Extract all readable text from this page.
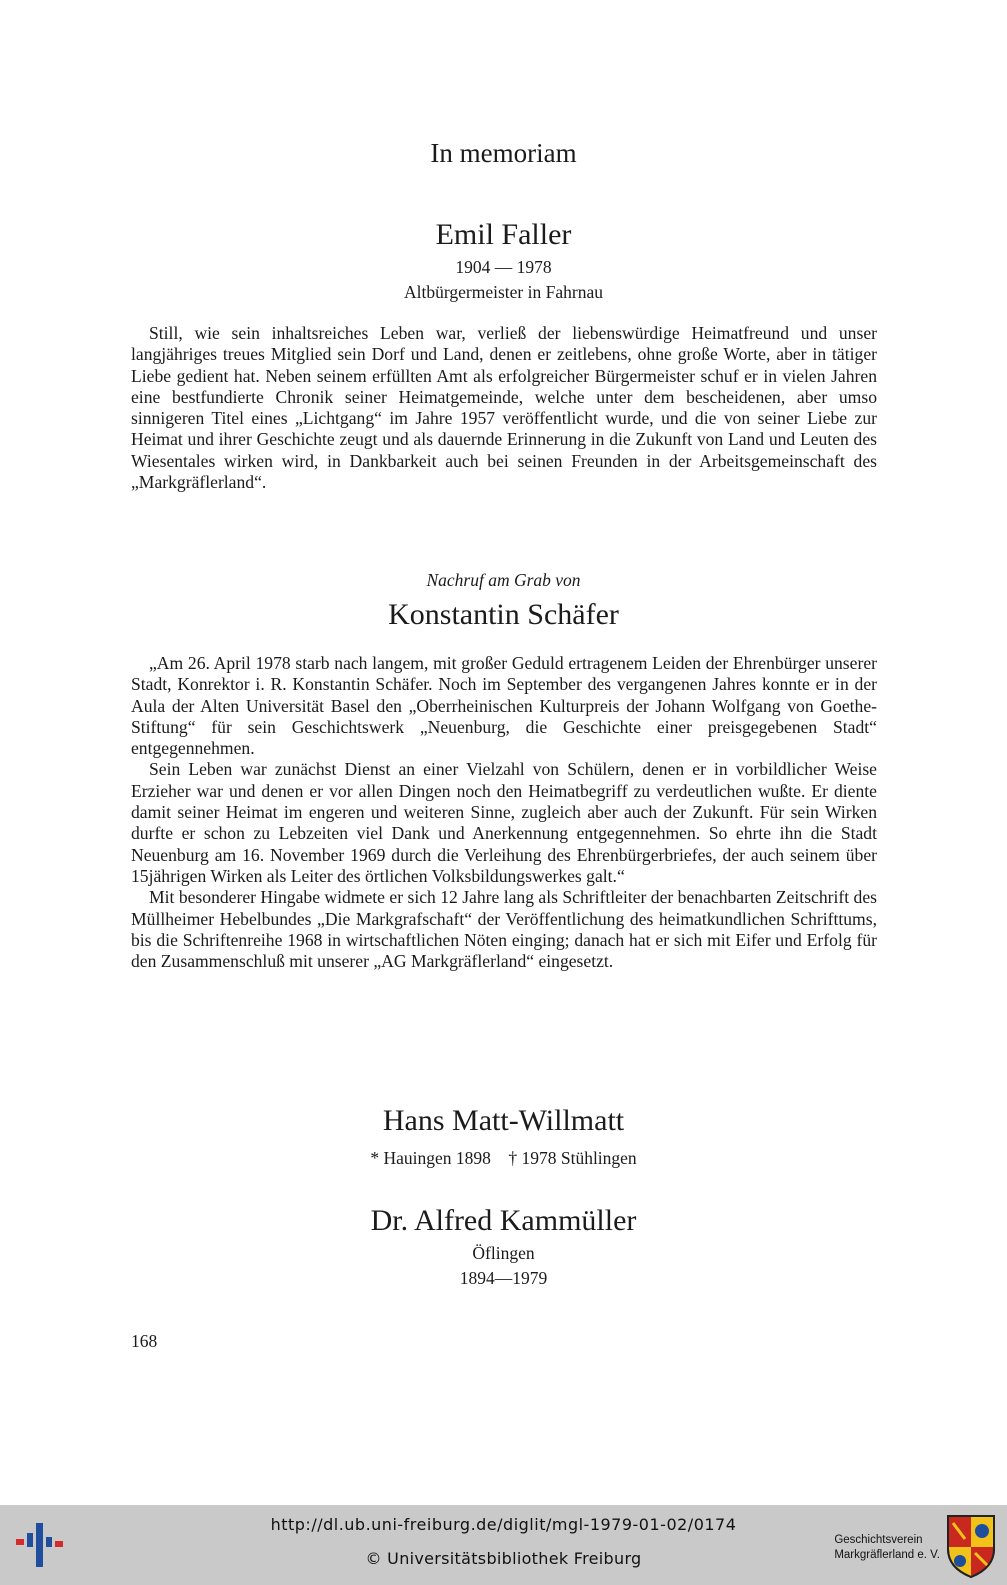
In memoriam
Emil Faller
1904 — 1978
Altbürgermeister in Fahrnau

Still, wie sein inhaltsreiches Leben war, verließ der liebenswürdige Heimatfreund und unser langjähriges treues Mitglied sein Dorf und Land, denen er zeitlebens, ohne große Worte, aber in tätiger Liebe gedient hat. Neben seinem erfüllten Amt als erfolgreicher Bürgermeister schuf er in vielen Jahren eine bestfundierte Chronik seiner Heimatgemeinde, welche unter dem bescheidenen, aber umso sinnigeren Titel eines „Lichtgang“ im Jahre 1957 veröffentlicht wurde, und die von seiner Liebe zur Heimat und ihrer Geschichte zeugt und als dauernde Erinnerung in die Zukunft von Land und Leuten des Wiesentales wirken wird, in Dankbarkeit auch bei seinen Freunden in der Arbeitsgemeinschaft des „Markgräflerland“.

Nachruf am Grab von
Konstantin Schäfer

„Am 26. April 1978 starb nach langem, mit großer Geduld ertragenem Leiden der Ehrenbürger unserer Stadt, Konrektor i. R. Konstantin Schäfer. Noch im September des vergangenen Jahres konnte er in der Aula der Alten Universität Basel den „Oberrheinischen Kulturpreis der Johann Wolfgang von Goethe-Stiftung“ für sein Geschichtswerk „Neuenburg, die Geschichte einer preisgegebenen Stadt“ entgegennehmen.

Sein Leben war zunächst Dienst an einer Vielzahl von Schülern, denen er in vorbildlicher Weise Erzieher war und denen er vor allen Dingen noch den Heimatbegriff zu verdeutlichen wußte. Er diente damit seiner Heimat im engeren und weiteren Sinne, zugleich aber auch der Zukunft. Für sein Wirken durfte er schon zu Lebzeiten viel Dank und Anerkennung entgegennehmen. So ehrte ihn die Stadt Neuenburg am 16. November 1969 durch die Verleihung des Ehrenbürgerbriefes, der auch seinem über 15jährigen Wirken als Leiter des örtlichen Volksbildungswerkes galt.“

Mit besonderer Hingabe widmete er sich 12 Jahre lang als Schriftleiter der benachbarten Zeitschrift des Müllheimer Hebelbundes „Die Markgrafschaft“ der Veröffentlichung des heimatkundlichen Schrifttums, bis die Schriftenreihe 1968 in wirtschaftlichen Nöten einging; danach hat er sich mit Eifer und Erfolg für den Zusammenschluß mit unserer „AG Markgräflerland“ eingesetzt.

Hans Matt-Willmatt
* Hauingen 1898    † 1978 Stühlingen
Dr. Alfred Kammüller
Öflingen
1894—1979
168
http://dl.ub.uni-freiburg.de/diglit/mgl-1979-01-02/0174
© Universitätsbibliothek Freiburg
Geschichtsverein
Markgräflerland e. V.
